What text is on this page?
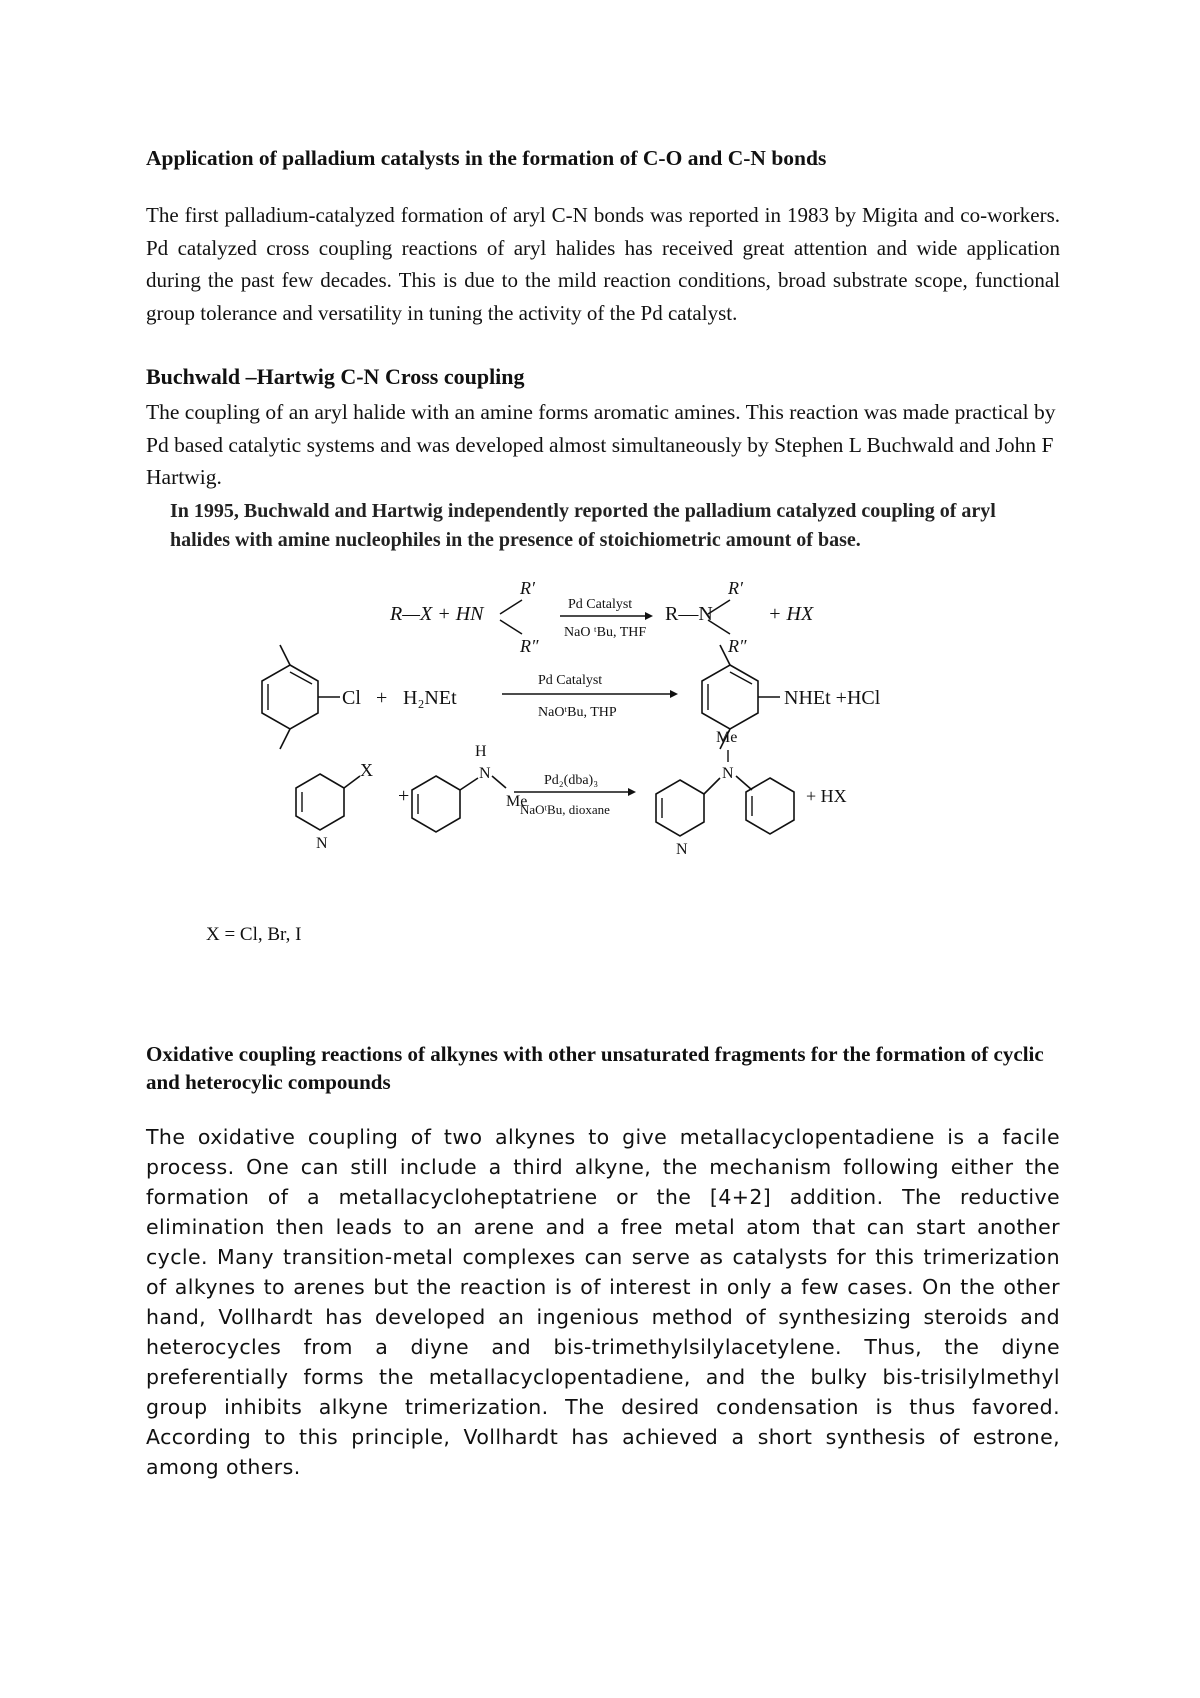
Application of palladium catalysts in the formation of C-O and C-N bonds
The first palladium-catalyzed formation of aryl C-N bonds was reported in 1983 by Migita and co-workers. Pd catalyzed cross coupling reactions of aryl halides has received great attention and wide application during the past few decades. This is due to the mild reaction conditions, broad substrate scope, functional group tolerance and versatility in tuning the activity of the Pd catalyst.
Buchwald –Hartwig C-N Cross coupling
The coupling of an aryl halide with an amine forms aromatic amines. This reaction was made practical by Pd based catalytic systems and was developed almost simultaneously by Stephen L Buchwald and John F Hartwig.
In 1995, Buchwald and Hartwig independently reported the palladium catalyzed coupling of aryl halides with amine nucleophiles in the presence of stoichiometric amount of base.
R—X + HN
R′
R″
Pd Catalyst
NaO ᵗBu, THF
R—N
R′
R″
+ HX
Cl + H₂NEt
Pd Catalyst
NaOᵗBu, THP
NHEt +HCl
X
N
+
H
N
Me
Pd₂(dba)₃
NaOᵗBu, dioxane
N
Me
N
+ HX
X = Cl, Br, I
Oxidative coupling reactions of alkynes with other unsaturated fragments for the formation of cyclic and heterocylic compounds
The oxidative coupling of two alkynes to give metallacyclopentadiene is a facile process. One can still include a third alkyne, the mechanism following either the formation of a metallacycloheptatriene or the [4+2] addition. The reductive elimination then leads to an arene and a free metal atom that can start another cycle. Many transition-metal complexes can serve as catalysts for this trimerization of alkynes to arenes but the reaction is of interest in only a few cases. On the other hand, Vollhardt has developed an ingenious method of synthesizing steroids and heterocycles from a diyne and bis-trimethylsilylacetylene. Thus, the diyne preferentially forms the metallacyclopentadiene, and the bulky bis-trisilylmethyl group inhibits alkyne trimerization. The desired condensation is thus favored. According to this principle, Vollhardt has achieved a short synthesis of estrone, among others.
